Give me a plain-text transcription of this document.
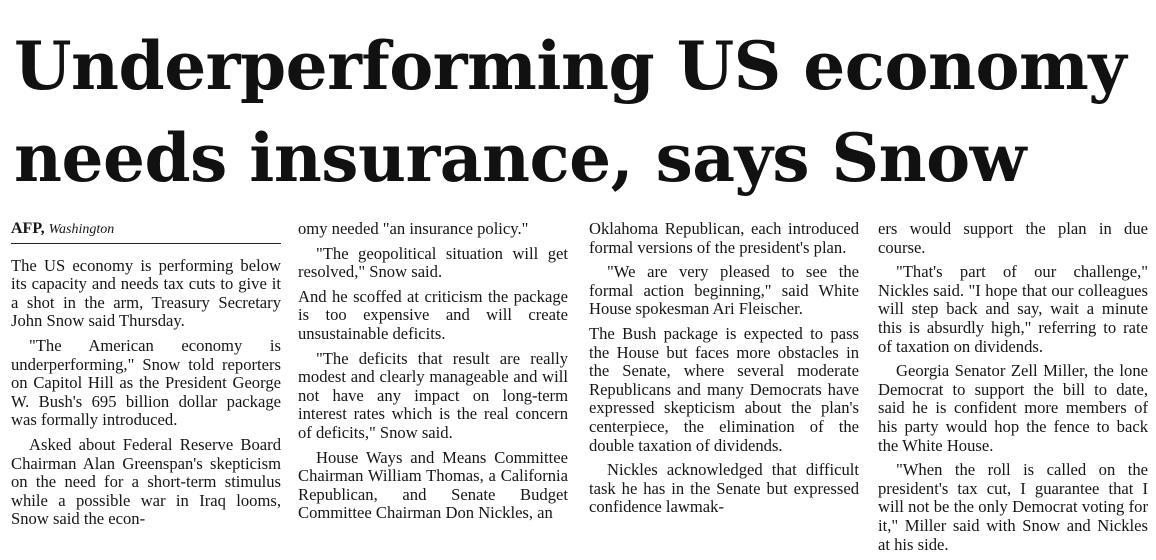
Underperforming US economy
needs insurance, says Snow
AFP, Washington

The US economy is performing below its capacity and needs tax cuts to give it a shot in the arm, Treasury Secretary John Snow said Thursday.

"The American economy is underperforming," Snow told reporters on Capitol Hill as the President George W. Bush's 695 billion dollar package was formally introduced.

Asked about Federal Reserve Board Chairman Alan Greenspan's skepticism on the need for a short-term stimulus while a possible war in Iraq looms, Snow said the econ-

omy needed "an insurance policy."

"The geopolitical situation will get resolved," Snow said.

And he scoffed at criticism the package is too expensive and will create unsustainable deficits.

"The deficits that result are really modest and clearly manageable and will not have any impact on long-term interest rates which is the real concern of deficits," Snow said.

House Ways and Means Committee Chairman William Thomas, a California Republican, and Senate Budget Committee Chairman Don Nickles, an

Oklahoma Republican, each introduced formal versions of the president's plan.

"We are very pleased to see the formal action beginning," said White House spokesman Ari Fleischer.

The Bush package is expected to pass the House but faces more obstacles in the Senate, where several moderate Republicans and many Democrats have expressed skepticism about the plan's centerpiece, the elimination of the double taxation of dividends.

Nickles acknowledged that difficult task he has in the Senate but expressed confidence lawmak-

ers would support the plan in due course.

"That's part of our challenge," Nickles said. "I hope that our colleagues will step back and say, wait a minute this is absurdly high," referring to rate of taxation on dividends.

Georgia Senator Zell Miller, the lone Democrat to support the bill to date, said he is confident more members of his party would hop the fence to back the White House.

"When the roll is called on the president's tax cut, I guarantee that I will not be the only Democrat voting for it," Miller said with Snow and Nickles at his side.
